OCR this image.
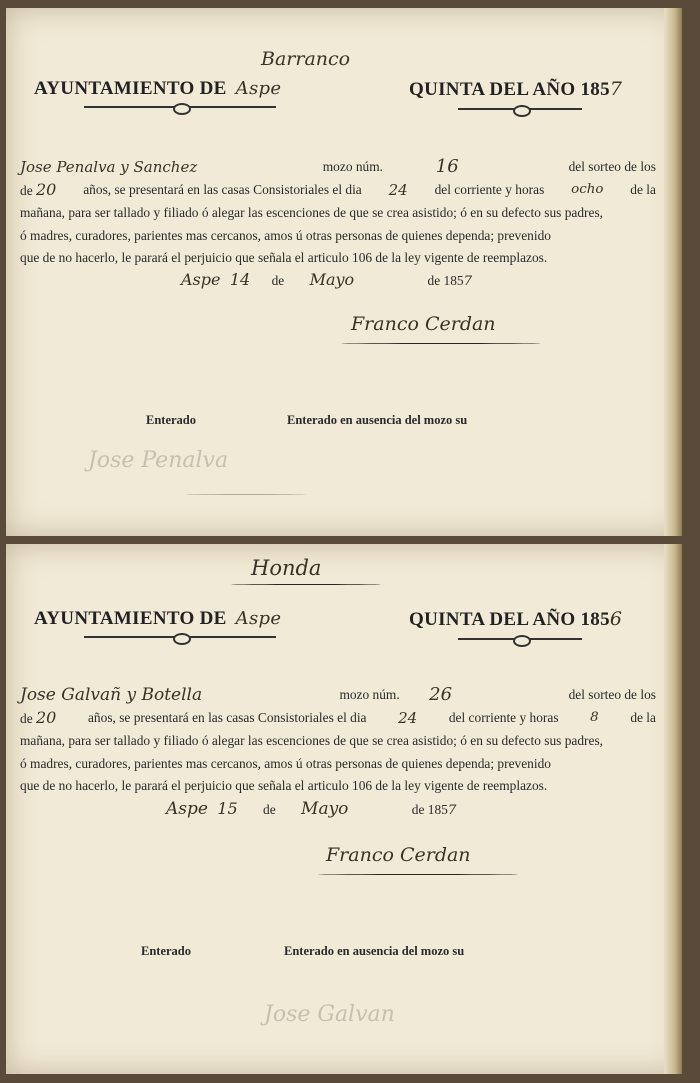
Barranco
AYUNTAMIENTO DE Aspe	QUINTA DEL AÑO 1857
Jose Penalva y Sanchez	mozo núm.	16	del sorteo de los
de 20 años, se presentará en las casas Consistoriales el dia 24 del corriente y horas ocho de la
mañana, para ser tallado y filiado ó alegar las escenciones de que se crea asistido; ó en su defecto sus padres,
ó madres, curadores, parientes mas cercanos, amos ú otras personas de quienes dependa; prevenido
que de no hacerlo, le parará el perjuicio que señala el articulo 106 de la ley vigente de reemplazos.
Aspe 14 de Mayo	de 1857
Franco Cerdan
Enterado	Enterado en ausencia del mozo su
Jose Penalva
Honda
AYUNTAMIENTO DE Aspe	QUINTA DEL AÑO 1856
Jose Galvañ y Botella	mozo núm. 26	del sorteo de los
de 20 años, se presentará en las casas Consistoriales el dia 24 del corriente y horas 8 de la
mañana, para ser tallado y filiado ó alegar las escenciones de que se crea asistido; ó en su defecto sus padres,
ó madres, curadores, parientes mas cercanos, amos ú otras personas de quienes dependa; prevenido
que de no hacerlo, le parará el perjuicio que señala el articulo 106 de la ley vigente de reemplazos.
Aspe 15 de Mayo	de 1857
Franco Cerdan
Enterado	Enterado en ausencia del mozo su
Jose Galvan
